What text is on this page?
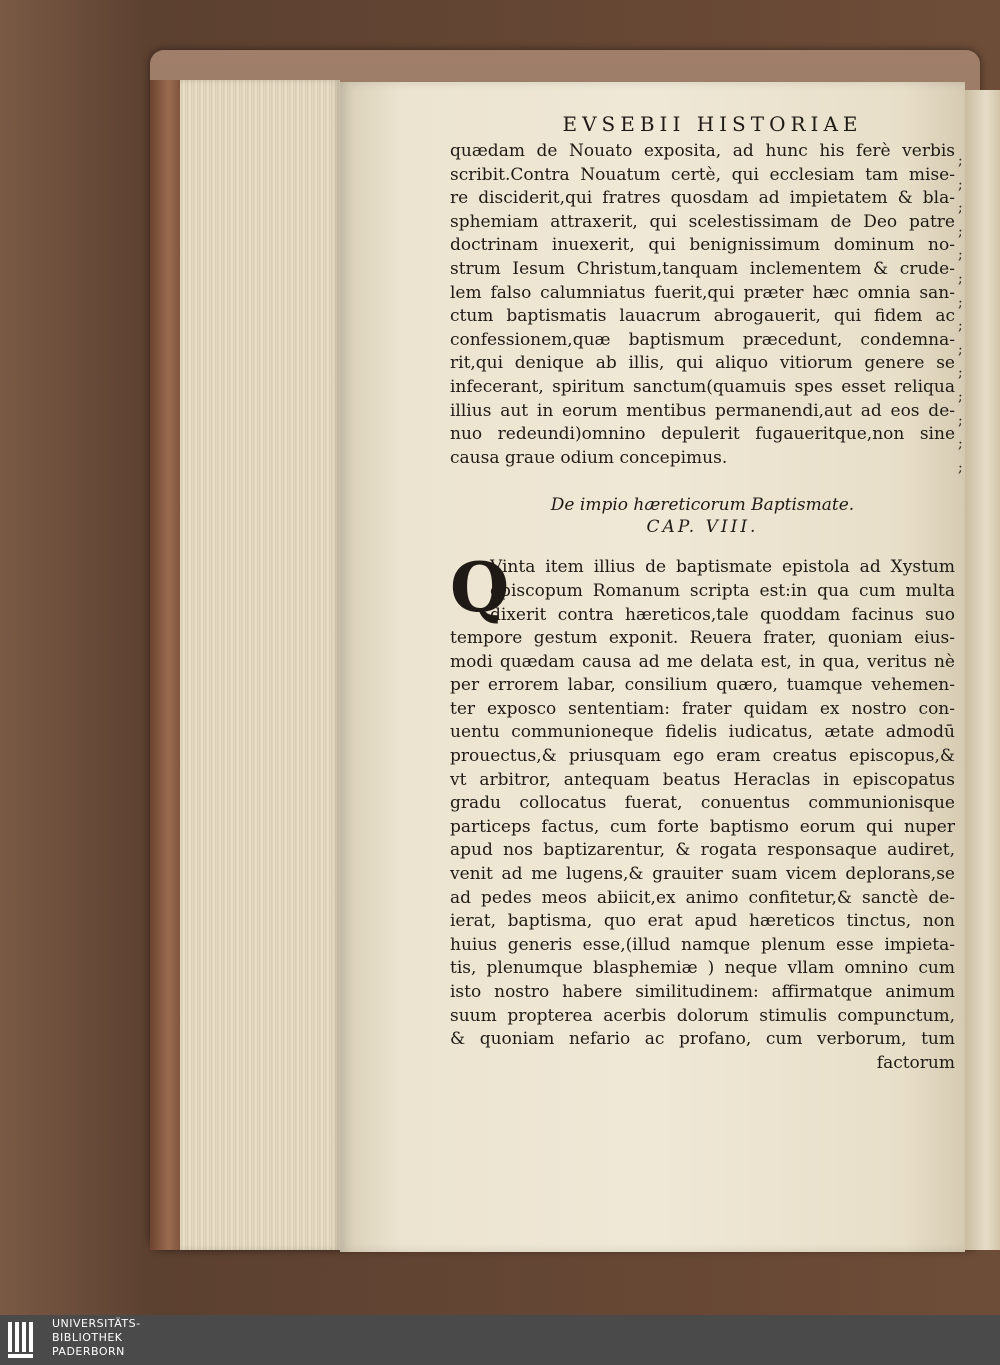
;
;
;
;
;
;
;
;
;
;
;
;
;
;
EVSEBII HISTORIAE
quædam de Nouato exposita, ad hunc his ferè verbis
scribit.Contra Nouatum certè, qui ecclesiam tam mise-
re disciderit,qui fratres quosdam ad impietatem & bla-
sphemiam attraxerit, qui scelestissimam de Deo patre
doctrinam inuexerit, qui benignissimum dominum no-
strum Iesum Christum,tanquam inclementem & crude-
lem falso calumniatus fuerit,qui præter hæc omnia san-
ctum baptismatis lauacrum abrogauerit, qui fidem ac
confessionem,quæ baptismum præcedunt, condemna-
rit,qui denique ab illis, qui aliquo vitiorum genere se
infecerant, spiritum sanctum(quamuis spes esset reliqua
illius aut in eorum mentibus permanendi,aut ad eos de-
nuo redeundi)omnino depulerit fugaueritque,non sine
causa graue odium concepimus.
De impio hæreticorum Baptismate.
CAP. VIII.
Q
Vinta item illius de baptismate epistola ad Xystum
episcopum Romanum scripta est:in qua cum multa
dixerit contra hæreticos,tale quoddam facinus suo
tempore gestum exponit. Reuera frater, quoniam eius-
modi quædam causa ad me delata est, in qua, veritus nè
per errorem labar, consilium quæro, tuamque vehemen-
ter exposco sententiam: frater quidam ex nostro con-
uentu communioneque fidelis iudicatus, ætate admodū
prouectus,& priusquam ego eram creatus episcopus,&
vt arbitror, antequam beatus Heraclas in episcopatus
gradu collocatus fuerat, conuentus communionisque
particeps factus, cum forte baptismo eorum qui nuper
apud nos baptizarentur, & rogata responsaque audiret,
venit ad me lugens,& grauiter suam vicem deplorans,se
ad pedes meos abiicit,ex animo confitetur,& sanctè de-
ierat, baptisma, quo erat apud hæreticos tinctus, non
huius generis esse,(illud namque plenum esse impieta-
tis, plenumque blasphemiæ ) neque vllam omnino cum
isto nostro habere similitudinem: affirmatque animum
suum propterea acerbis dolorum stimulis compunctum,
& quoniam nefario ac profano, cum verborum, tum
factorum
UNIVERSITÄTS-
BIBLIOTHEK
PADERBORN
